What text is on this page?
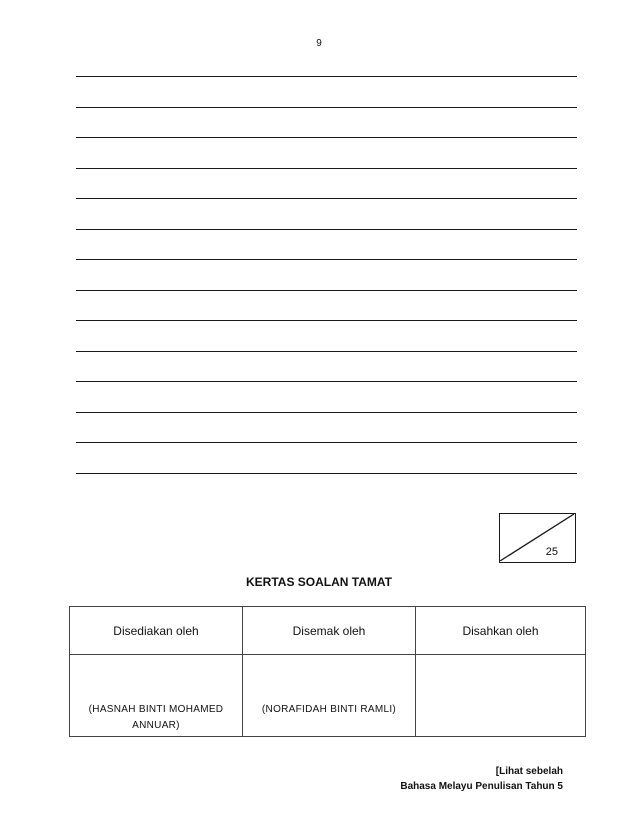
9
25
KERTAS SOALAN TAMAT
Disediakan oleh	Disemak oleh	Disahkan oleh

(HASNAH BINTI MOHAMED ANNUAR)	(NORAFIDAH BINTI RAMLI)	

[Lihat sebelah
Bahasa Melayu Penulisan Tahun 5
